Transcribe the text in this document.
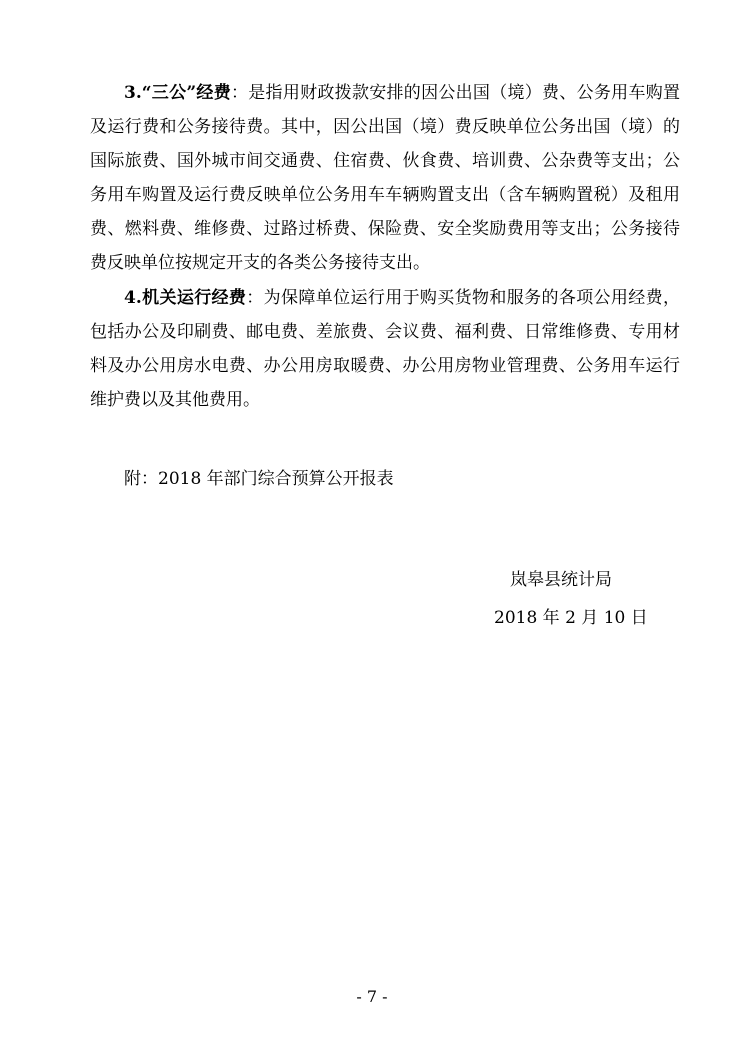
3.“三公”经费：是指用财政拨款安排的因公出国（境）费、公务用车购置及运行费和公务接待费。其中，因公出国（境）费反映单位公务出国（境）的国际旅费、国外城市间交通费、住宿费、伙食费、培训费、公杂费等支出；公务用车购置及运行费反映单位公务用车车辆购置支出（含车辆购置税）及租用费、燃料费、维修费、过路过桥费、保险费、安全奖励费用等支出；公务接待费反映单位按规定开支的各类公务接待支出。

4.机关运行经费：为保障单位运行用于购买货物和服务的各项公用经费，包括办公及印刷费、邮电费、差旅费、会议费、福利费、日常维修费、专用材料及办公用房水电费、办公用房取暖费、办公用房物业管理费、公务用车运行维护费以及其他费用。

附：2018 年部门综合预算公开报表

岚皋县统计局

2018 年 2 月 10 日

- 7 -
